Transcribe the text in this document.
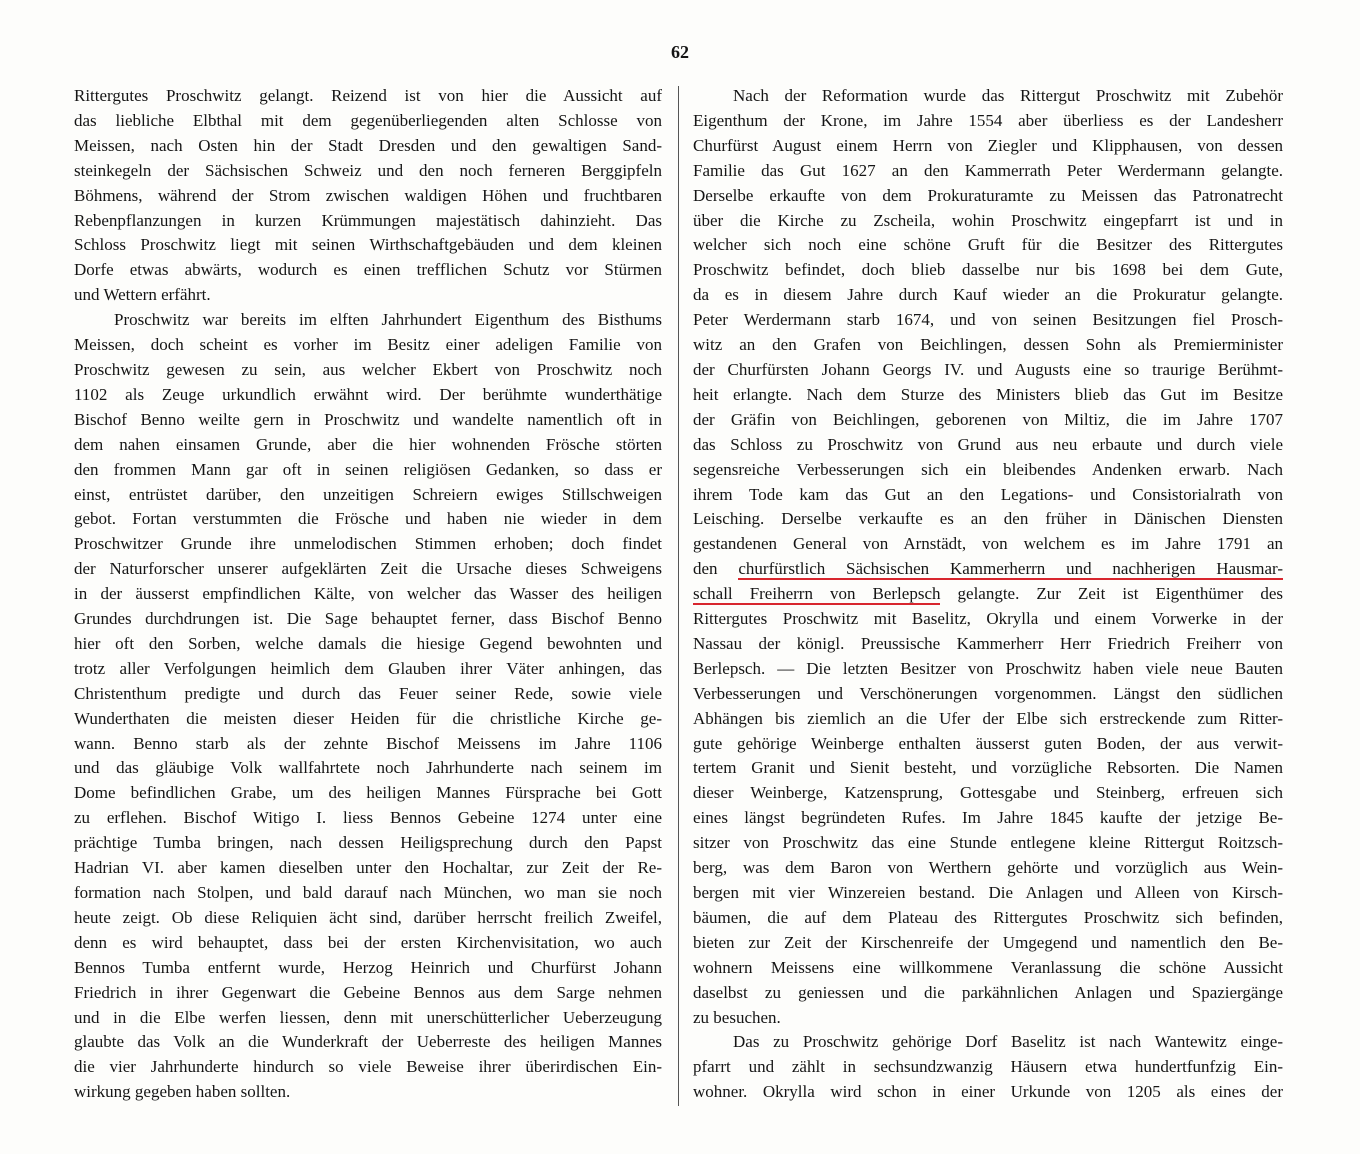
62
Rittergutes Proschwitz gelangt. Reizend ist von hier die Aussicht auf
das liebliche Elbthal mit dem gegenüberliegenden alten Schlosse von
Meissen, nach Osten hin der Stadt Dresden und den gewaltigen Sand-
steinkegeln der Sächsischen Schweiz und den noch ferneren Berggipfeln
Böhmens, während der Strom zwischen waldigen Höhen und fruchtbaren
Rebenpflanzungen in kurzen Krümmungen majestätisch dahinzieht. Das
Schloss Proschwitz liegt mit seinen Wirthschaftgebäuden und dem kleinen
Dorfe etwas abwärts, wodurch es einen trefflichen Schutz vor Stürmen
und Wettern erfährt.
Proschwitz war bereits im elften Jahrhundert Eigenthum des Bisthums
Meissen, doch scheint es vorher im Besitz einer adeligen Familie von
Proschwitz gewesen zu sein, aus welcher Ekbert von Proschwitz noch
1102 als Zeuge urkundlich erwähnt wird. Der berühmte wunderthätige
Bischof Benno weilte gern in Proschwitz und wandelte namentlich oft in
dem nahen einsamen Grunde, aber die hier wohnenden Frösche störten
den frommen Mann gar oft in seinen religiösen Gedanken, so dass er
einst, entrüstet darüber, den unzeitigen Schreiern ewiges Stillschweigen
gebot. Fortan verstummten die Frösche und haben nie wieder in dem
Proschwitzer Grunde ihre unmelodischen Stimmen erhoben; doch findet
der Naturforscher unserer aufgeklärten Zeit die Ursache dieses Schweigens
in der äusserst empfindlichen Kälte, von welcher das Wasser des heiligen
Grundes durchdrungen ist. Die Sage behauptet ferner, dass Bischof Benno
hier oft den Sorben, welche damals die hiesige Gegend bewohnten und
trotz aller Verfolgungen heimlich dem Glauben ihrer Väter anhingen, das
Christenthum predigte und durch das Feuer seiner Rede, sowie viele
Wunderthaten die meisten dieser Heiden für die christliche Kirche ge-
wann. Benno starb als der zehnte Bischof Meissens im Jahre 1106
und das gläubige Volk wallfahrtete noch Jahrhunderte nach seinem im
Dome befindlichen Grabe, um des heiligen Mannes Fürsprache bei Gott
zu erflehen. Bischof Witigo I. liess Bennos Gebeine 1274 unter eine
prächtige Tumba bringen, nach dessen Heiligsprechung durch den Papst
Hadrian VI. aber kamen dieselben unter den Hochaltar, zur Zeit der Re-
formation nach Stolpen, und bald darauf nach München, wo man sie noch
heute zeigt. Ob diese Reliquien ächt sind, darüber herrscht freilich Zweifel,
denn es wird behauptet, dass bei der ersten Kirchenvisitation, wo auch
Bennos Tumba entfernt wurde, Herzog Heinrich und Churfürst Johann
Friedrich in ihrer Gegenwart die Gebeine Bennos aus dem Sarge nehmen
und in die Elbe werfen liessen, denn mit unerschütterlicher Ueberzeugung
glaubte das Volk an die Wunderkraft der Ueberreste des heiligen Mannes
die vier Jahrhunderte hindurch so viele Beweise ihrer überirdischen Ein-
wirkung gegeben haben sollten.
Nach der Reformation wurde das Rittergut Proschwitz mit Zubehör
Eigenthum der Krone, im Jahre 1554 aber überliess es der Landesherr
Churfürst August einem Herrn von Ziegler und Klipphausen, von dessen
Familie das Gut 1627 an den Kammerrath Peter Werdermann gelangte.
Derselbe erkaufte von dem Prokuraturamte zu Meissen das Patronatrecht
über die Kirche zu Zscheila, wohin Proschwitz eingepfarrt ist und in
welcher sich noch eine schöne Gruft für die Besitzer des Rittergutes
Proschwitz befindet, doch blieb dasselbe nur bis 1698 bei dem Gute,
da es in diesem Jahre durch Kauf wieder an die Prokuratur gelangte.
Peter Werdermann starb 1674, und von seinen Besitzungen fiel Prosch-
witz an den Grafen von Beichlingen, dessen Sohn als Premierminister
der Churfürsten Johann Georgs IV. und Augusts eine so traurige Berühmt-
heit erlangte. Nach dem Sturze des Ministers blieb das Gut im Besitze
der Gräfin von Beichlingen, geborenen von Miltiz, die im Jahre 1707
das Schloss zu Proschwitz von Grund aus neu erbaute und durch viele
segensreiche Verbesserungen sich ein bleibendes Andenken erwarb. Nach
ihrem Tode kam das Gut an den Legations- und Consistorialrath von
Leisching. Derselbe verkaufte es an den früher in Dänischen Diensten
gestandenen General von Arnstädt, von welchem es im Jahre 1791 an
den churfürstlich Sächsischen Kammerherrn und nachherigen Hausmar-
schall Freiherrn von Berlepsch gelangte. Zur Zeit ist Eigenthümer des
Rittergutes Proschwitz mit Baselitz, Okrylla und einem Vorwerke in der
Nassau der königl. Preussische Kammerherr Herr Friedrich Freiherr von
Berlepsch. — Die letzten Besitzer von Proschwitz haben viele neue Bauten
Verbesserungen und Verschönerungen vorgenommen. Längst den südlichen
Abhängen bis ziemlich an die Ufer der Elbe sich erstreckende zum Ritter-
gute gehörige Weinberge enthalten äusserst guten Boden, der aus verwit-
tertem Granit und Sienit besteht, und vorzügliche Rebsorten. Die Namen
dieser Weinberge, Katzensprung, Gottesgabe und Steinberg, erfreuen sich
eines längst begründeten Rufes. Im Jahre 1845 kaufte der jetzige Be-
sitzer von Proschwitz das eine Stunde entlegene kleine Rittergut Roitzsch-
berg, was dem Baron von Werthern gehörte und vorzüglich aus Wein-
bergen mit vier Winzereien bestand. Die Anlagen und Alleen von Kirsch-
bäumen, die auf dem Plateau des Rittergutes Proschwitz sich befinden,
bieten zur Zeit der Kirschenreife der Umgegend und namentlich den Be-
wohnern Meissens eine willkommene Veranlassung die schöne Aussicht
daselbst zu geniessen und die parkähnlichen Anlagen und Spaziergänge
zu besuchen.
Das zu Proschwitz gehörige Dorf Baselitz ist nach Wantewitz einge-
pfarrt und zählt in sechsundzwanzig Häusern etwa hundertfunfzig Ein-
wohner. Okrylla wird schon in einer Urkunde von 1205 als eines der
